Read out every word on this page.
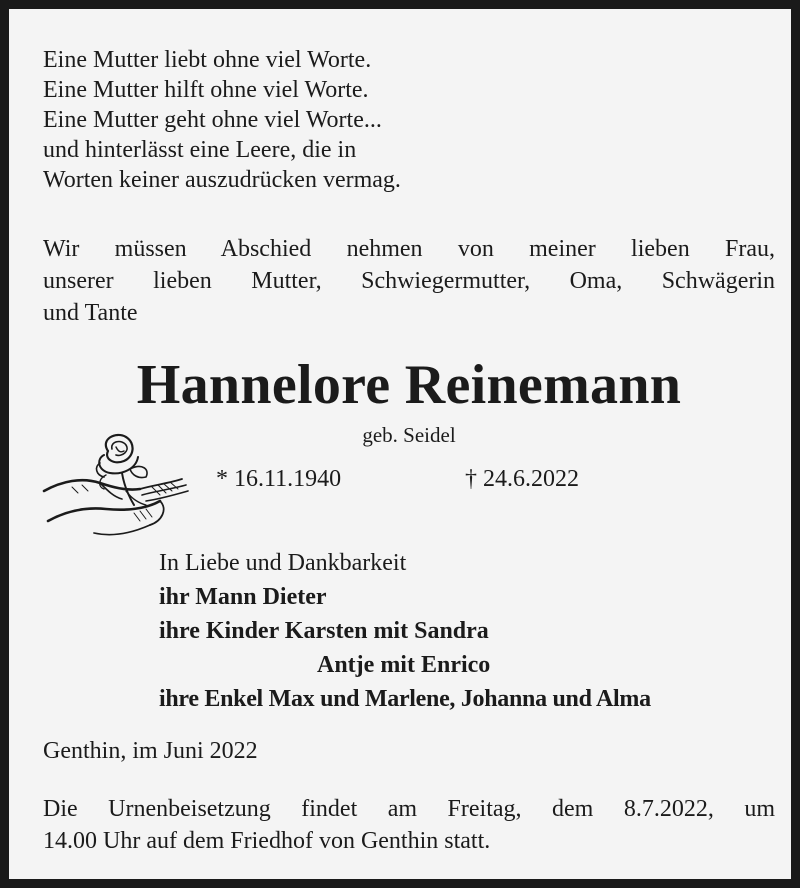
Eine Mutter liebt ohne viel Worte.
Eine Mutter hilft ohne viel Worte.
Eine Mutter geht ohne viel Worte...
und hinterlässt eine Leere, die in
Worten keiner auszudrücken vermag.
Wir müssen Abschied nehmen von meiner lieben Frau,
unserer lieben Mutter, Schwiegermutter, Oma, Schwägerin
und Tante
Hannelore Reinemann
geb. Seidel
* 16.11.1940	† 24.6.2022
In Liebe und Dankbarkeit
ihr Mann Dieter
ihre Kinder Karsten mit Sandra
Antje mit Enrico
ihre Enkel Max und Marlene, Johanna und Alma
Genthin, im Juni 2022
Die Urnenbeisetzung findet am Freitag, dem 8.7.2022, um
14.00 Uhr auf dem Friedhof von Genthin statt.
